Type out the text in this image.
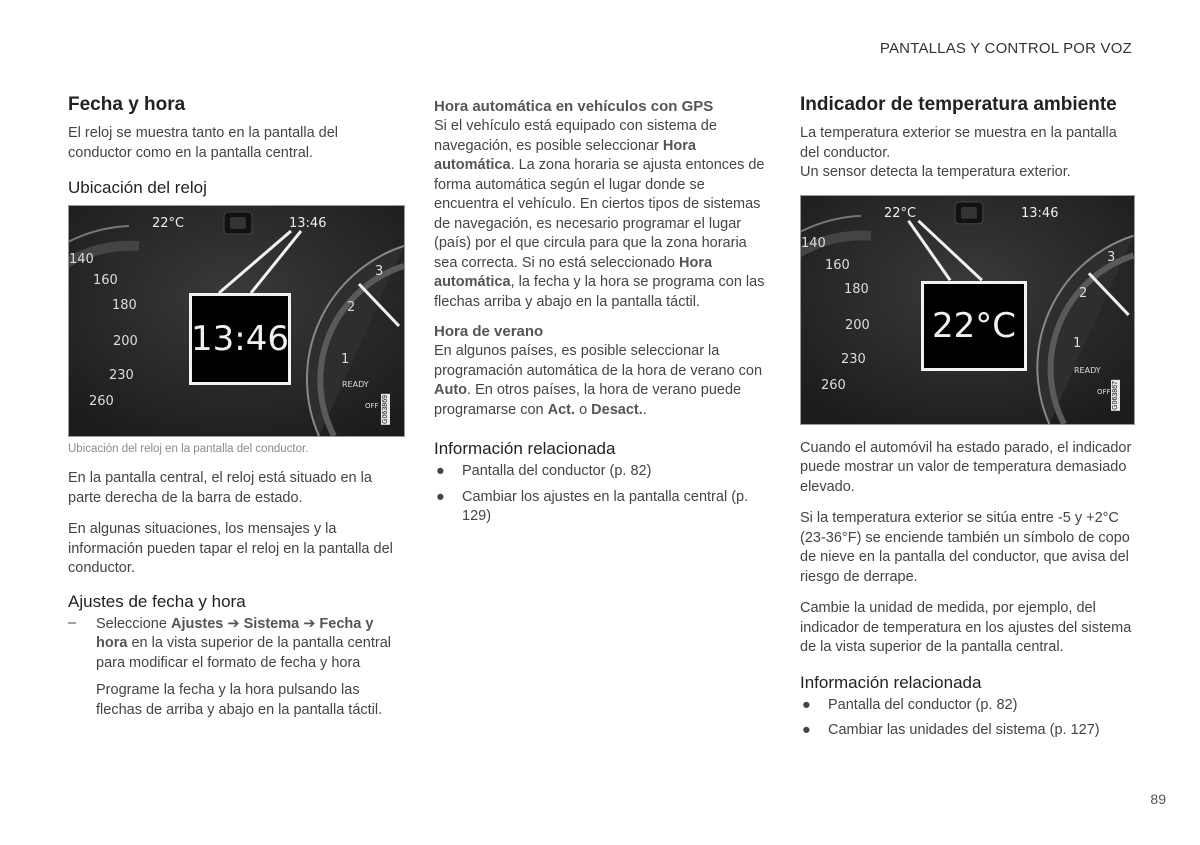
PANTALLAS Y CONTROL POR VOZ
Fecha y hora

El reloj se muestra tanto en la pantalla del conductor como en la pantalla central.

Ubicación del reloj
22°C	13:46
140
160
180
200
230
260
3
2
1
READY
OFF G063869
13:46
Ubicación del reloj en la pantalla del conductor.

En la pantalla central, el reloj está situado en la parte derecha de la barra de estado.

En algunas situaciones, los mensajes y la información pueden tapar el reloj en la pantalla del conductor.

Ajustes de fecha y hora
– Seleccione Ajustes ➔ Sistema ➔ Fecha y hora en la vista superior de la pantalla central para modificar el formato de fecha y hora
Programe la fecha y la hora pulsando las flechas de arriba y abajo en la pantalla táctil.
Hora automática en vehículos con GPS

Si el vehículo está equipado con sistema de navegación, es posible seleccionar Hora automática. La zona horaria se ajusta entonces de forma automática según el lugar donde se encuentra el vehículo. En ciertos tipos de sistemas de navegación, es necesario programar el lugar (país) por el que circula para que la zona horaria sea correcta. Si no está seleccionado Hora automática, la fecha y la hora se programa con las flechas arriba y abajo en la pantalla táctil.

Hora de verano

En algunos países, es posible seleccionar la programación automática de la hora de verano con Auto. En otros países, la hora de verano puede programarse con Act. o Desact..

Información relacionada
● Pantalla del conductor (p. 82)
● Cambiar los ajustes en la pantalla central (p. 129)
Indicador de temperatura ambiente

La temperatura exterior se muestra en la pantalla del conductor.

Un sensor detecta la temperatura exterior.

22°C	13:46
140
160
180
200
230
260
3
2
1
READY
OFF G063867
22°C

Cuando el automóvil ha estado parado, el indicador puede mostrar un valor de temperatura demasiado elevado.

Si la temperatura exterior se sitúa entre -5 y +2°C (23-36°F) se enciende también un símbolo de copo de nieve en la pantalla del conductor, que avisa del riesgo de derrape.

Cambie la unidad de medida, por ejemplo, del indicador de temperatura en los ajustes del sistema de la vista superior de la pantalla central.

Información relacionada
● Pantalla del conductor (p. 82)
● Cambiar las unidades del sistema (p. 127)
89
